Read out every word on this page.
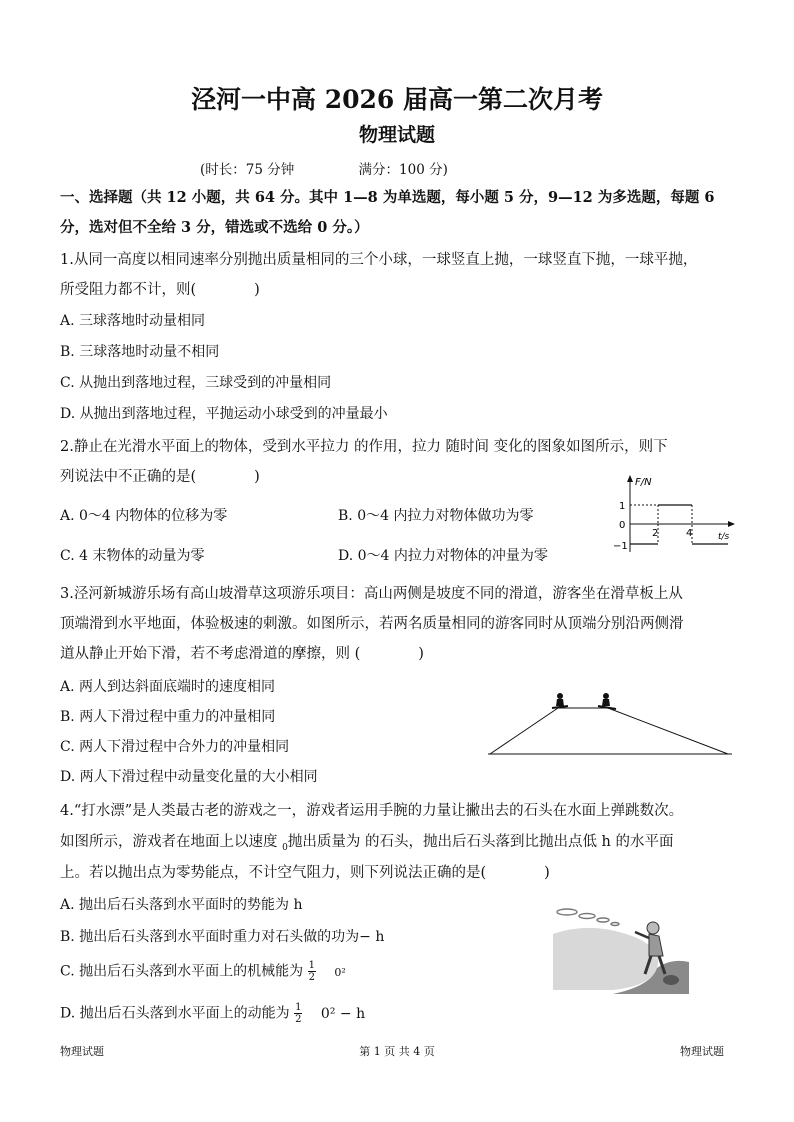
泾河一中高 2026 届高一第二次月考
物理试题
(时长：75 分钟	满分：100 分)
一、选择题（共 12 小题，共 64 分。其中 1—8 为单选题，每小题 5 分，9—12 为多选题，每题 6
分，选对但不全给 3 分，错选或不选给 0 分。）
1.从同一高度以相同速率分别抛出质量相同的三个小球，一球竖直上抛，一球竖直下抛，一球平抛，
所受阻力都不计，则(　　　　)
A. 三球落地时动量相同
B. 三球落地时动量不相同
C. 从抛出到落地过程，三球受到的冲量相同
D. 从抛出到落地过程，平抛运动小球受到的冲量最小
2.静止在光滑水平面上的物体，受到水平拉力 的作用，拉力 随时间 变化的图象如图所示，则下
列说法中不正确的是(　　　　)
A. 0～4 内物体的位移为零	B. 0～4 内拉力对物体做功为零
C. 4 末物体的动量为零	D. 0～4 内拉力对物体的冲量为零
F/N
t/s
1
0
−1
2	4
3.泾河新城游乐场有高山坡滑草这项游乐项目：高山两侧是坡度不同的滑道，游客坐在滑草板上从
顶端滑到水平地面，体验极速的刺激。如图所示，若两名质量相同的游客同时从顶端分别沿两侧滑
道从静止开始下滑，若不考虑滑道的摩擦，则 (　　　　)
A. 两人到达斜面底端时的速度相同
B. 两人下滑过程中重力的冲量相同
C. 两人下滑过程中合外力的冲量相同
D. 两人下滑过程中动量变化量的大小相同
4.“打水漂”是人类最古老的游戏之一，游戏者运用手腕的力量让撇出去的石头在水面上弹跳数次。
如图所示，游戏者在地面上以速度 $_0$抛出质量为 的石头，抛出后石头落到比抛出点低 h 的水平面
上。若以抛出点为零势能点，不计空气阻力，则下列说法正确的是(　　　　)
A. 抛出后石头落到水平面时的势能为 h
B. 抛出后石头落到水平面时重力对石头做的功为− h
C. 抛出后石头落到水平面上的机械能为 $\frac{1}{2} 0^2$
D. 抛出后石头落到水平面上的动能为 $\frac{1}{2} 0^2 - h$
物理试题	第 1 页 共 4 页	物理试题
